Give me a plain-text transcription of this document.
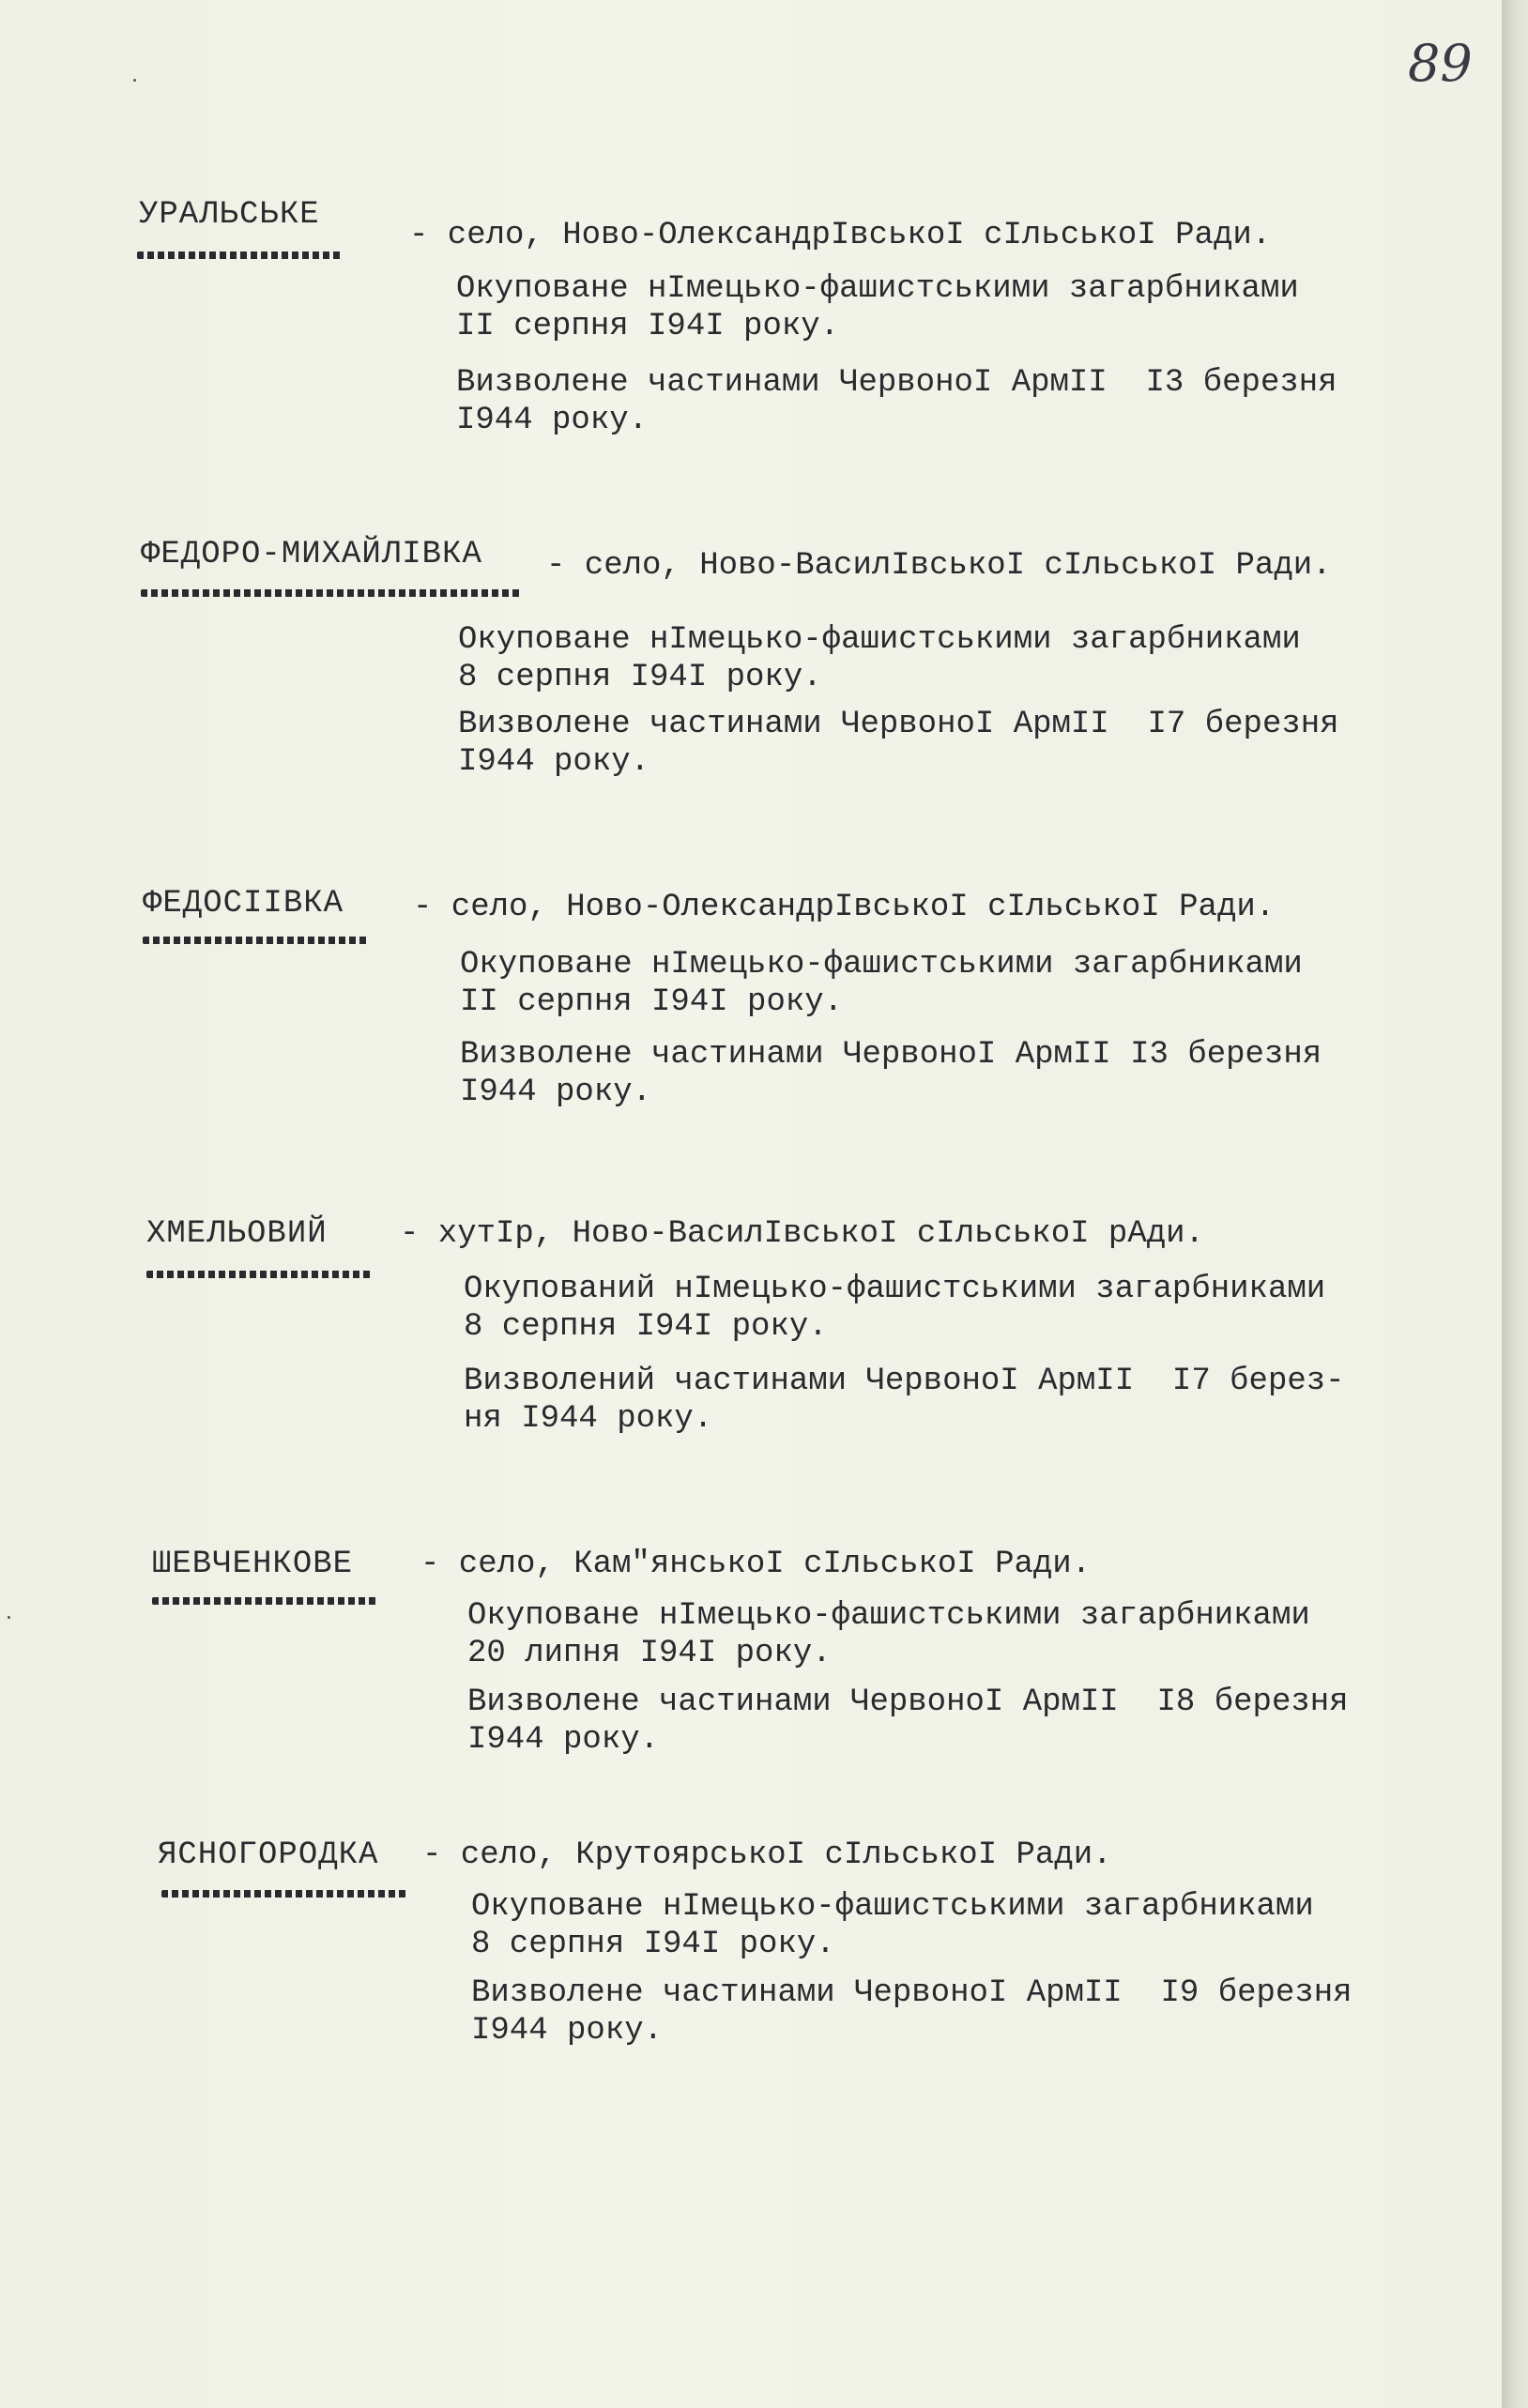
89
УРАЛЬСЬКЕ
- село, Ново-ОлександрIвськоI сIльськоI Ради.
Окуповане нIмецько-фашистськими загарбниками
II серпня I94I року.
Визволене частинами ЧервоноI АрмII  I3 березня
I944 року.
ФЕДОРО-МИХАЙЛIВКА - село, Ново-ВасилIвськоI сIльськоI Ради.
Окуповане нIмецько-фашистськими загарбниками
8 серпня I94I року.
Визволене частинами ЧервоноI АрмII  I7 березня
I944 року.
ФЕДОСIIВКА - село, Ново-ОлександрIвськоI сIльськоI Ради.
Окуповане нIмецько-фашистськими загарбниками
II серпня I94I року.
Визволене частинами ЧервоноI АрмII I3 березня
I944 року.
ХМЕЛЬОВИЙ - хутIр, Ново-ВасилIвськоI сIльськоI рАди.
Окупований нIмецько-фашистськими загарбниками
8 серпня I94I року.
Визволений частинами ЧервоноI АрмII  I7 берез-
ня I944 року.
ШЕВЧЕНКОВЕ - село, Кам"янськоI сIльськоI Ради.
Окуповане нIмецько-фашистськими загарбниками
20 липня I94I року.
Визволене частинами ЧервоноI АрмII  I8 березня
I944 року.
ЯСНОГОРОДКА - село, КрутоярськоI сIльськоI Ради.
Окуповане нIмецько-фашистськими загарбниками
8 серпня I94I року.
Визволене частинами ЧервоноI АрмII  I9 березня
I944 року.
